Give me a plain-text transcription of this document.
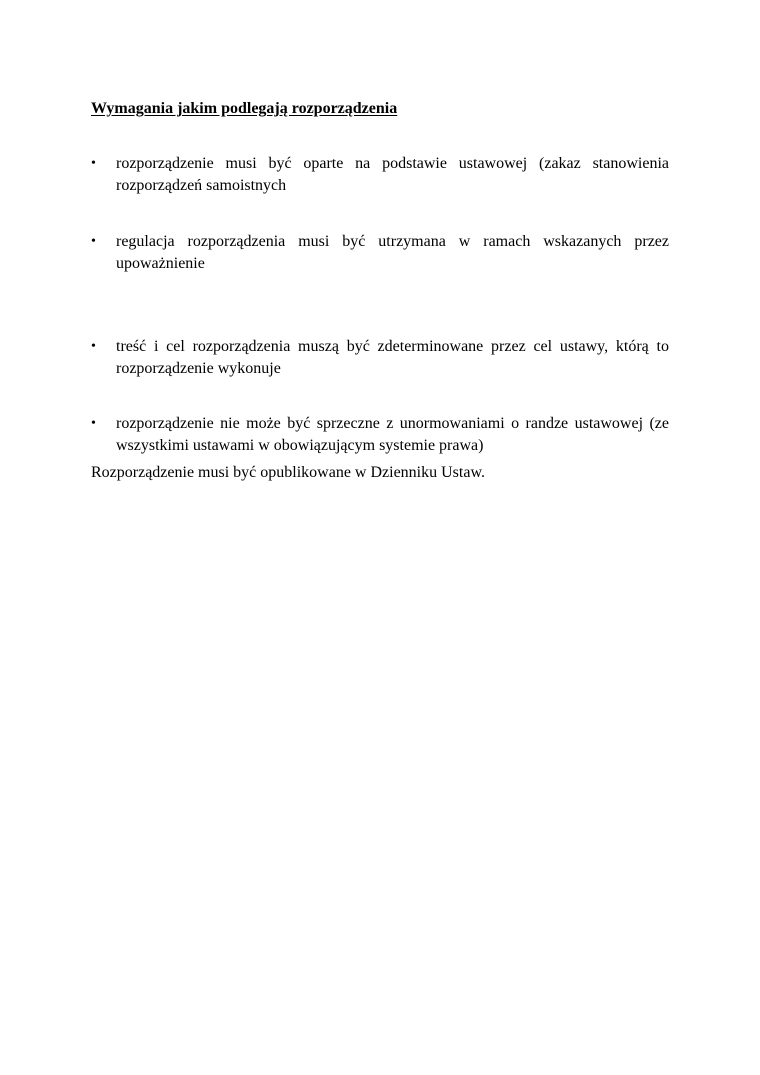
Wymagania jakim podlegają rozporządzenia
•	rozporządzenie musi być oparte na podstawie ustawowej (zakaz stanowienia rozporządzeń samoistnych

•	regulacja rozporządzenia musi być utrzymana w ramach wskazanych przez upoważnienie

•	treść i cel rozporządzenia muszą być zdeterminowane przez cel ustawy, którą to rozporządzenie wykonuje

•	rozporządzenie nie może być sprzeczne z unormowaniami o randze ustawowej (ze wszystkimi ustawami w obowiązującym systemie prawa)

Rozporządzenie musi być opublikowane w Dzienniku Ustaw.
